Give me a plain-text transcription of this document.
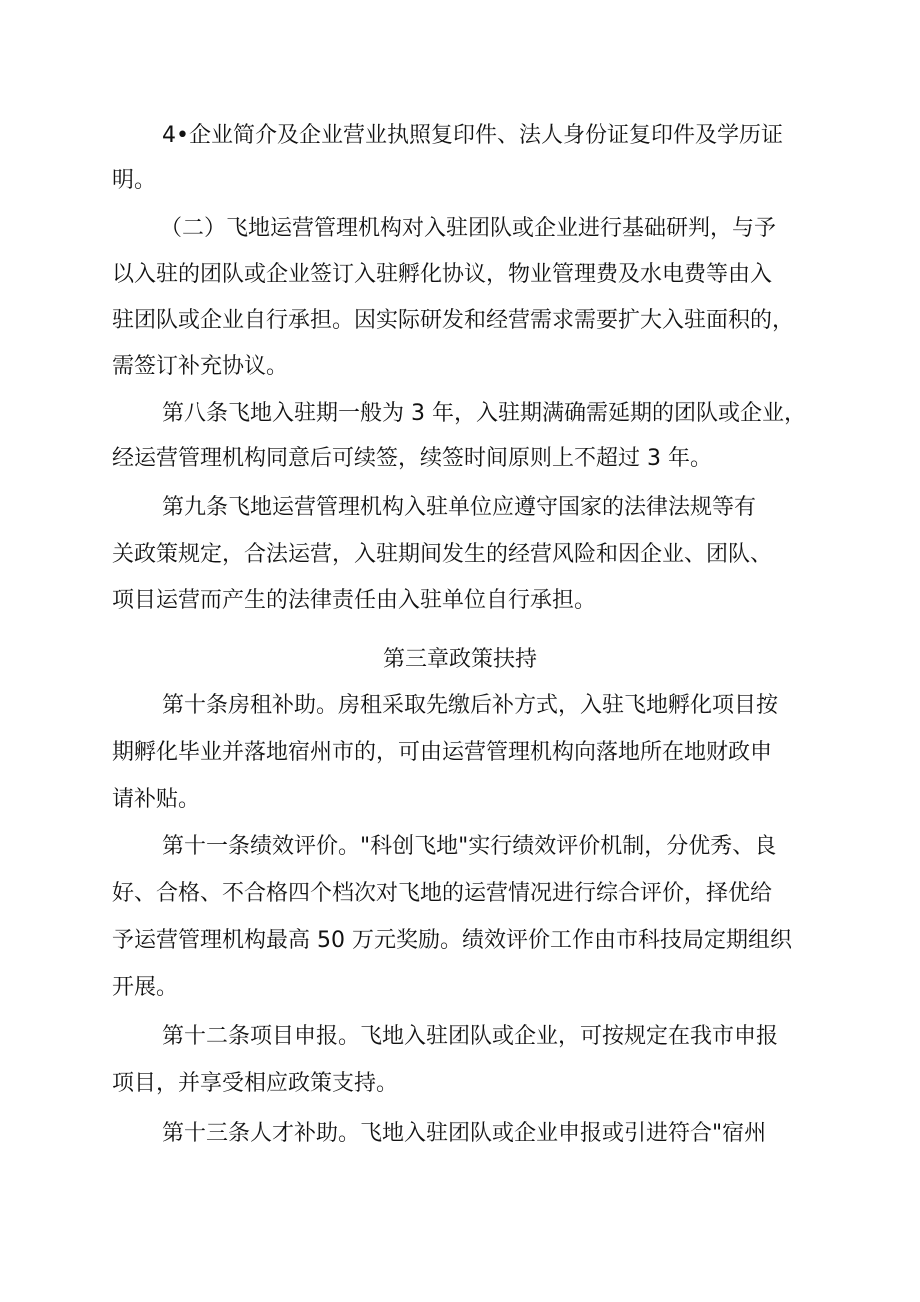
4•企业简介及企业营业执照复印件、法人身份证复印件及学历证
明。
（二）飞地运营管理机构对入驻团队或企业进行基础研判，与予
以入驻的团队或企业签订入驻孵化协议，物业管理费及水电费等由入
驻团队或企业自行承担。因实际研发和经营需求需要扩大入驻面积的，
需签订补充协议。
第八条飞地入驻期一般为 3 年，入驻期满确需延期的团队或企业，
经运营管理机构同意后可续签，续签时间原则上不超过 3 年。
第九条飞地运营管理机构入驻单位应遵守国家的法律法规等有
关政策规定，合法运营，入驻期间发生的经营风险和因企业、团队、
项目运营而产生的法律责任由入驻单位自行承担。
第三章政策扶持
第十条房租补助。房租采取先缴后补方式，入驻飞地孵化项目按
期孵化毕业并落地宿州市的，可由运营管理机构向落地所在地财政申
请补贴。
第十一条绩效评价。"科创飞地"实行绩效评价机制，分优秀、良
好、合格、不合格四个档次对飞地的运营情况进行综合评价，择优给
予运营管理机构最高 50 万元奖励。绩效评价工作由市科技局定期组织
开展。
第十二条项目申报。飞地入驻团队或企业，可按规定在我市申报
项目，并享受相应政策支持。
第十三条人才补助。飞地入驻团队或企业申报或引进符合"宿州
